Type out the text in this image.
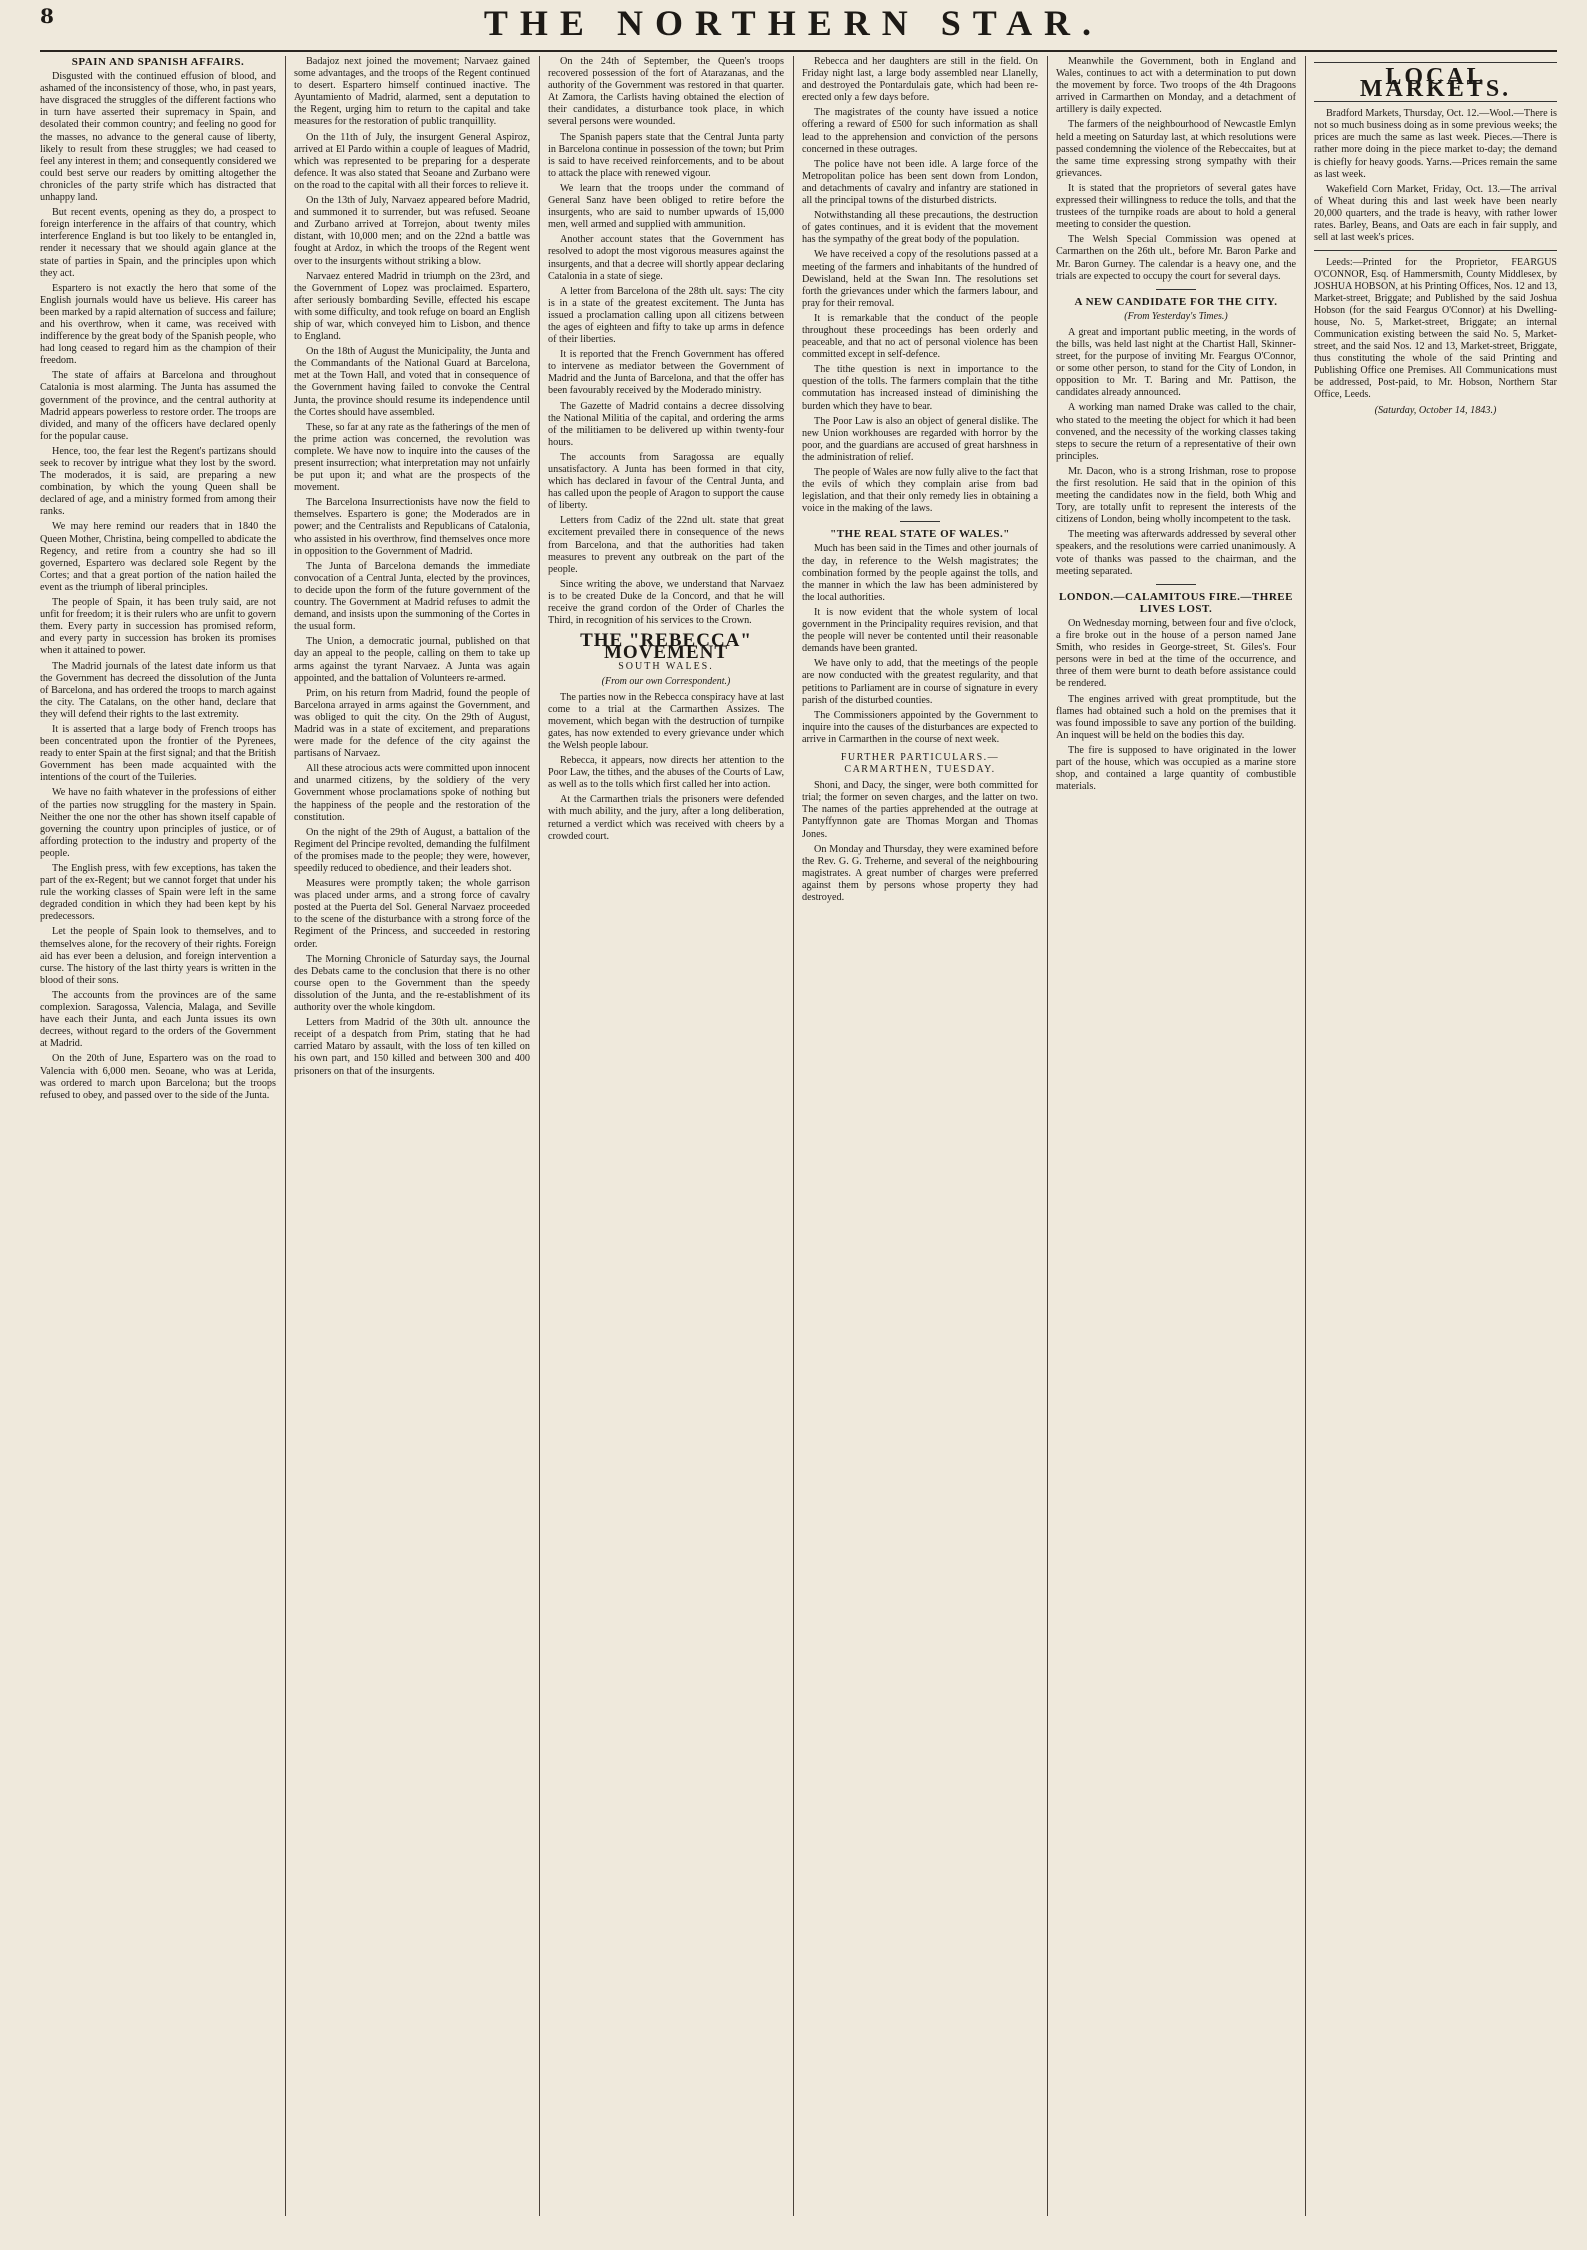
8	THE NORTHERN STAR.

SPAIN AND SPANISH AFFAIRS.

Disgusted with the continued effusion of blood, and ashamed of the inconsistency of those, who, in past years, have disgraced the struggles of the different factions who in turn have asserted their supremacy in Spain, and desolated their common country; and feeling no good for the masses, no advance to the general cause of liberty, likely to result from these struggles; we had ceased to feel any interest in them; and consequently considered we could best serve our readers by omitting altogether the chronicles of the party strife which has distracted that unhappy land.

But recent events, opening as they do, a prospect to foreign interference in the affairs of that country, which interference England is but too likely to be entangled in, render it necessary that we should again glance at the state of parties in Spain, and the principles upon which they act.

Espartero is not exactly the hero that some of the English journals would have us believe. His career has been marked by a rapid alternation of success and failure; and his overthrow, when it came, was received with indifference by the great body of the Spanish people, who had long ceased to regard him as the champion of their freedom.

The state of affairs at Barcelona and throughout Catalonia is most alarming. The Junta has assumed the government of the province, and the central authority at Madrid appears powerless to restore order. The troops are divided, and many of the officers have declared openly for the popular cause.

Hence, too, the fear lest the Regent's partizans should seek to recover by intrigue what they lost by the sword. The moderados, it is said, are preparing a new combination, by which the young Queen shall be declared of age, and a ministry formed from among their ranks.

We may here remind our readers that in 1840 the Queen Mother, Christina, being compelled to abdicate the Regency, and retire from a country she had so ill governed, Espartero was declared sole Regent by the Cortes; and that a great portion of the nation hailed the event as the triumph of liberal principles.

The people of Spain, it has been truly said, are not unfit for freedom; it is their rulers who are unfit to govern them. Every party in succession has promised reform, and every party in succession has broken its promises when it attained to power.

The Madrid journals of the latest date inform us that the Government has decreed the dissolution of the Junta of Barcelona, and has ordered the troops to march against the city. The Catalans, on the other hand, declare that they will defend their rights to the last extremity.

It is asserted that a large body of French troops has been concentrated upon the frontier of the Pyrenees, ready to enter Spain at the first signal; and that the British Government has been made acquainted with the intentions of the court of the Tuileries.

We have no faith whatever in the professions of either of the parties now struggling for the mastery in Spain. Neither the one nor the other has shown itself capable of governing the country upon principles of justice, or of affording protection to the industry and property of the people.

The English press, with few exceptions, has taken the part of the ex-Regent; but we cannot forget that under his rule the working classes of Spain were left in the same degraded condition in which they had been kept by his predecessors.

Let the people of Spain look to themselves, and to themselves alone, for the recovery of their rights. Foreign aid has ever been a delusion, and foreign intervention a curse. The history of the last thirty years is written in the blood of their sons.

The accounts from the provinces are of the same complexion. Saragossa, Valencia, Malaga, and Seville have each their Junta, and each Junta issues its own decrees, without regard to the orders of the Government at Madrid.

On the 20th of June, Espartero was on the road to Valencia with 6,000 men. Seoane, who was at Lerida, was ordered to march upon Barcelona; but the troops refused to obey, and passed over to the side of the Junta.

Badajoz next joined the movement; Narvaez gained some advantages, and the troops of the Regent continued to desert. Espartero himself continued inactive. The Ayuntamiento of Madrid, alarmed, sent a deputation to the Regent, urging him to return to the capital and take measures for the restoration of public tranquillity.

On the 11th of July, the insurgent General Aspiroz, arrived at El Pardo within a couple of leagues of Madrid, which was represented to be preparing for a desperate defence. It was also stated that Seoane and Zurbano were on the road to the capital with all their forces to relieve it.

On the 13th of July, Narvaez appeared before Madrid, and summoned it to surrender, but was refused. Seoane and Zurbano arrived at Torrejon, about twenty miles distant, with 10,000 men; and on the 22nd a battle was fought at Ardoz, in which the troops of the Regent went over to the insurgents without striking a blow.

Narvaez entered Madrid in triumph on the 23rd, and the Government of Lopez was proclaimed. Espartero, after seriously bombarding Seville, effected his escape with some difficulty, and took refuge on board an English ship of war, which conveyed him to Lisbon, and thence to England.

On the 18th of August the Municipality, the Junta and the Commandants of the National Guard at Barcelona, met at the Town Hall, and voted that in consequence of the Government having failed to convoke the Central Junta, the province should resume its independence until the Cortes should have assembled.

These, so far at any rate as the fatherings of the men of the prime action was concerned, the revolution was complete. We have now to inquire into the causes of the present insurrection; what interpretation may not unfairly be put upon it; and what are the prospects of the movement.

The Barcelona Insurrectionists have now the field to themselves. Espartero is gone; the Moderados are in power; and the Centralists and Republicans of Catalonia, who assisted in his overthrow, find themselves once more in opposition to the Government of Madrid.

The Junta of Barcelona demands the immediate convocation of a Central Junta, elected by the provinces, to decide upon the form of the future government of the country. The Government at Madrid refuses to admit the demand, and insists upon the summoning of the Cortes in the usual form.

The Union, a democratic journal, published on that day an appeal to the people, calling on them to take up arms against the tyrant Narvaez. A Junta was again appointed, and the battalion of Volunteers re-armed.

Prim, on his return from Madrid, found the people of Barcelona arrayed in arms against the Government, and was obliged to quit the city. On the 29th of August, Madrid was in a state of excitement, and preparations were made for the defence of the city against the partisans of Narvaez.

All these atrocious acts were committed upon innocent and unarmed citizens, by the soldiery of the very Government whose proclamations spoke of nothing but the happiness of the people and the restoration of the constitution.

On the night of the 29th of August, a battalion of the Regiment del Principe revolted, demanding the fulfilment of the promises made to the people; they were, however, speedily reduced to obedience, and their leaders shot.

Measures were promptly taken; the whole garrison was placed under arms, and a strong force of cavalry posted at the Puerta del Sol. General Narvaez proceeded to the scene of the disturbance with a strong force of the Regiment of the Princess, and succeeded in restoring order.

The Morning Chronicle of Saturday says, the Journal des Debats came to the conclusion that there is no other course open to the Government than the speedy dissolution of the Junta, and the re-establishment of its authority over the whole kingdom.

Letters from Madrid of the 30th ult. announce the receipt of a despatch from Prim, stating that he had carried Mataro by assault, with the loss of ten killed on his own part, and 150 killed and between 300 and 400 prisoners on that of the insurgents.

On the 24th of September, the Queen's troops recovered possession of the fort of Atarazanas, and the authority of the Government was restored in that quarter. At Zamora, the Carlists having obtained the election of their candidates, a disturbance took place, in which several persons were wounded.

The Spanish papers state that the Central Junta party in Barcelona continue in possession of the town; but Prim is said to have received reinforcements, and to be about to attack the place with renewed vigour.

We learn that the troops under the command of General Sanz have been obliged to retire before the insurgents, who are said to number upwards of 15,000 men, well armed and supplied with ammunition.

Another account states that the Government has resolved to adopt the most vigorous measures against the insurgents, and that a decree will shortly appear declaring Catalonia in a state of siege.

A letter from Barcelona of the 28th ult. says: The city is in a state of the greatest excitement. The Junta has issued a proclamation calling upon all citizens between the ages of eighteen and fifty to take up arms in defence of their liberties.

It is reported that the French Government has offered to intervene as mediator between the Government of Madrid and the Junta of Barcelona, and that the offer has been favourably received by the Moderado ministry.

The Gazette of Madrid contains a decree dissolving the National Militia of the capital, and ordering the arms of the militiamen to be delivered up within twenty-four hours.

The accounts from Saragossa are equally unsatisfactory. A Junta has been formed in that city, which has declared in favour of the Central Junta, and has called upon the people of Aragon to support the cause of liberty.

Letters from Cadiz of the 22nd ult. state that great excitement prevailed there in consequence of the news from Barcelona, and that the authorities had taken measures to prevent any outbreak on the part of the people.

Since writing the above, we understand that Narvaez is to be created Duke de la Concord, and that he will receive the grand cordon of the Order of Charles the Third, in recognition of his services to the Crown.

THE "REBECCA" MOVEMENT
SOUTH WALES.
(From our own Correspondent.)

The parties now in the Rebecca conspiracy have at last come to a trial at the Carmarthen Assizes. The movement, which began with the destruction of turnpike gates, has now extended to every grievance under which the Welsh people labour.

Rebecca, it appears, now directs her attention to the Poor Law, the tithes, and the abuses of the Courts of Law, as well as to the tolls which first called her into action.

At the Carmarthen trials the prisoners were defended with much ability, and the jury, after a long deliberation, returned a verdict which was received with cheers by a crowded court.

Rebecca and her daughters are still in the field. On Friday night last, a large body assembled near Llanelly, and destroyed the Pontardulais gate, which had been re-erected only a few days before.

The magistrates of the county have issued a notice offering a reward of £500 for such information as shall lead to the apprehension and conviction of the persons concerned in these outrages.

The police have not been idle. A large force of the Metropolitan police has been sent down from London, and detachments of cavalry and infantry are stationed in all the principal towns of the disturbed districts.

Notwithstanding all these precautions, the destruction of gates continues, and it is evident that the movement has the sympathy of the great body of the population.

We have received a copy of the resolutions passed at a meeting of the farmers and inhabitants of the hundred of Dewisland, held at the Swan Inn. The resolutions set forth the grievances under which the farmers labour, and pray for their removal.

It is remarkable that the conduct of the people throughout these proceedings has been orderly and peaceable, and that no act of personal violence has been committed except in self-defence.

The tithe question is next in importance to the question of the tolls. The farmers complain that the tithe commutation has increased instead of diminishing the burden which they have to bear.

The Poor Law is also an object of general dislike. The new Union workhouses are regarded with horror by the poor, and the guardians are accused of great harshness in the administration of relief.

The people of Wales are now fully alive to the fact that the evils of which they complain arise from bad legislation, and that their only remedy lies in obtaining a voice in the making of the laws.

"THE REAL STATE OF WALES."

Much has been said in the Times and other journals of the day, in reference to the Welsh magistrates; the combination formed by the people against the tolls, and the manner in which the law has been administered by the local authorities.

It is now evident that the whole system of local government in the Principality requires revision, and that the people will never be contented until their reasonable demands have been granted.

We have only to add, that the meetings of the people are now conducted with the greatest regularity, and that petitions to Parliament are in course of signature in every parish of the disturbed counties.

The Commissioners appointed by the Government to inquire into the causes of the disturbances are expected to arrive in Carmarthen in the course of next week.

FURTHER PARTICULARS.—CARMARTHEN, TUESDAY.

Shoni, and Dacy, the singer, were both committed for trial; the former on seven charges, and the latter on two. The names of the parties apprehended at the outrage at Pantyffynnon gate are Thomas Morgan and Thomas Jones.

On Monday and Thursday, they were examined before the Rev. G. G. Treherne, and several of the neighbouring magistrates. A great number of charges were preferred against them by persons whose property they had destroyed.

Meanwhile the Government, both in England and Wales, continues to act with a determination to put down the movement by force. Two troops of the 4th Dragoons arrived in Carmarthen on Monday, and a detachment of artillery is daily expected.

The farmers of the neighbourhood of Newcastle Emlyn held a meeting on Saturday last, at which resolutions were passed condemning the violence of the Rebeccaites, but at the same time expressing strong sympathy with their grievances.

It is stated that the proprietors of several gates have expressed their willingness to reduce the tolls, and that the trustees of the turnpike roads are about to hold a general meeting to consider the question.

The Welsh Special Commission was opened at Carmarthen on the 26th ult., before Mr. Baron Parke and Mr. Baron Gurney. The calendar is a heavy one, and the trials are expected to occupy the court for several days.

A NEW CANDIDATE FOR THE CITY.

(From Yesterday's Times.)

A great and important public meeting, in the words of the bills, was held last night at the Chartist Hall, Skinner-street, for the purpose of inviting Mr. Feargus O'Connor, or some other person, to stand for the City of London, in opposition to Mr. T. Baring and Mr. Pattison, the candidates already announced.

A working man named Drake was called to the chair, who stated to the meeting the object for which it had been convened, and the necessity of the working classes taking steps to secure the return of a representative of their own principles.

Mr. Dacon, who is a strong Irishman, rose to propose the first resolution. He said that in the opinion of this meeting the candidates now in the field, both Whig and Tory, are totally unfit to represent the interests of the citizens of London, being wholly incompetent to the task.

The meeting was afterwards addressed by several other speakers, and the resolutions were carried unanimously. A vote of thanks was passed to the chairman, and the meeting separated.

LONDON.—CALAMITOUS FIRE.—THREE LIVES LOST.

On Wednesday morning, between four and five o'clock, a fire broke out in the house of a person named Jane Smith, who resides in George-street, St. Giles's. Four persons were in bed at the time of the occurrence, and three of them were burnt to death before assistance could be rendered.

The engines arrived with great promptitude, but the flames had obtained such a hold on the premises that it was found impossible to save any portion of the building. An inquest will be held on the bodies this day.

The fire is supposed to have originated in the lower part of the house, which was occupied as a marine store shop, and contained a large quantity of combustible materials.

LOCAL MARKETS.

Bradford Markets, Thursday, Oct. 12.—Wool.—There is not so much business doing as in some previous weeks; the prices are much the same as last week. Pieces.—There is rather more doing in the piece market to-day; the demand is chiefly for heavy goods. Yarns.—Prices remain the same as last week.

Wakefield Corn Market, Friday, Oct. 13.—The arrival of Wheat during this and last week have been nearly 20,000 quarters, and the trade is heavy, with rather lower rates. Barley, Beans, and Oats are each in fair supply, and sell at last week's prices.

Leeds:—Printed for the Proprietor, FEARGUS O'CONNOR, Esq. of Hammersmith, County Middlesex, by JOSHUA HOBSON, at his Printing Offices, Nos. 12 and 13, Market-street, Briggate; and Published by the said Joshua Hobson (for the said Feargus O'Connor) at his Dwelling-house, No. 5, Market-street, Briggate; an internal Communication existing between the said No. 5, Market-street, and the said Nos. 12 and 13, Market-street, Briggate, thus constituting the whole of the said Printing and Publishing Office one Premises. All Communications must be addressed, Post-paid, to Mr. Hobson, Northern Star Office, Leeds.

(Saturday, October 14, 1843.)
